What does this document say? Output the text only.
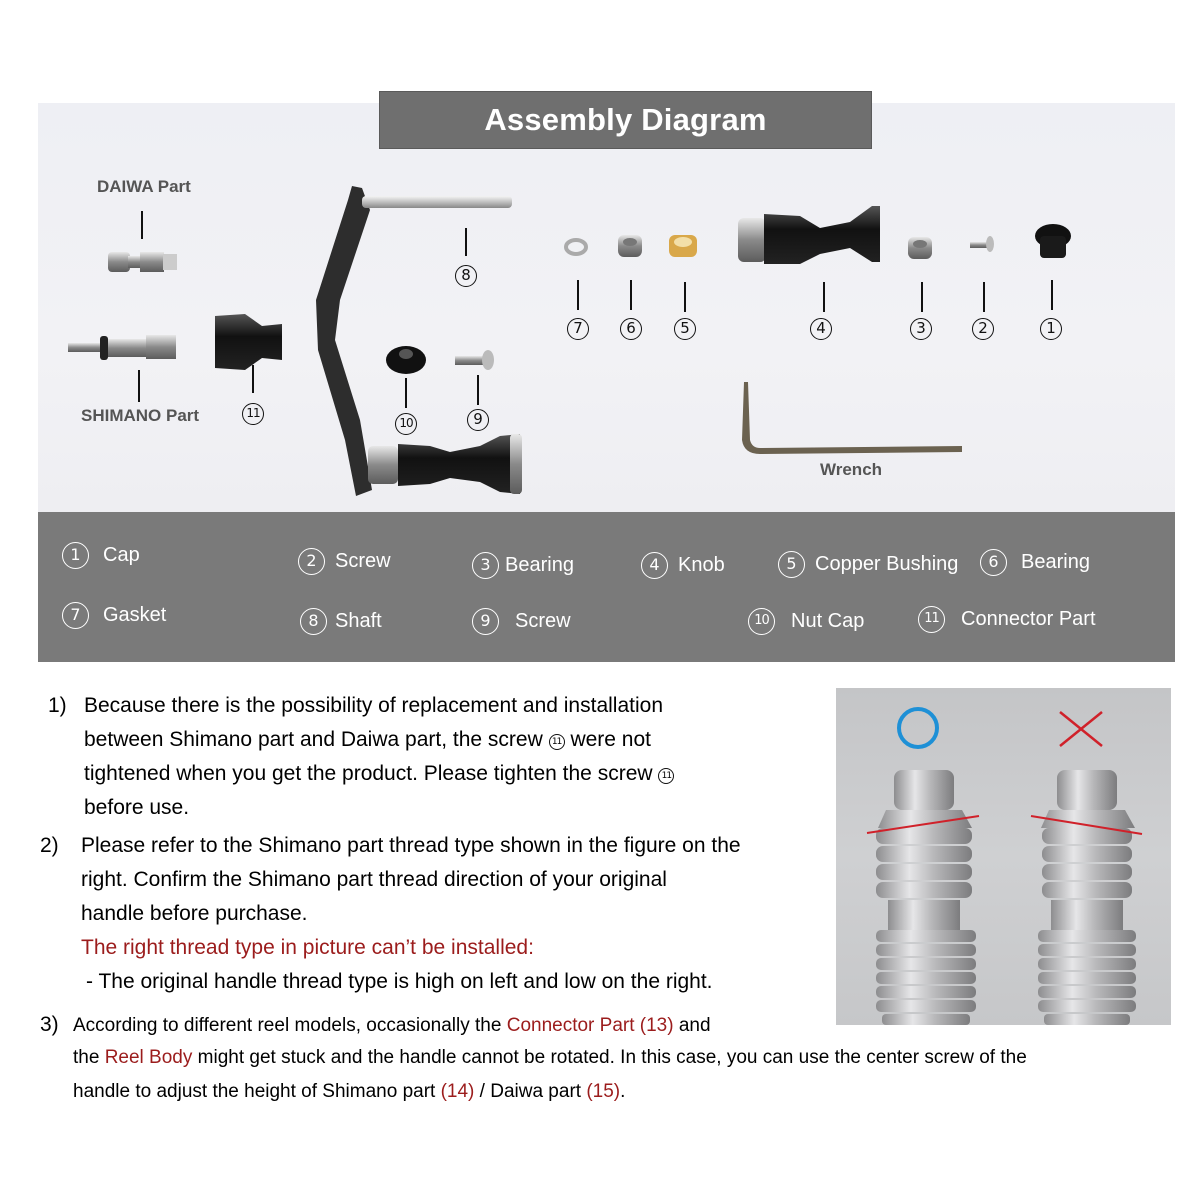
Assembly Diagram
DAIWA Part
SHIMANO Part
Wrench
11
8
10	9
7	6	5	4	3	2	1
1	Cap	2 Screw	3 Bearing	4 Knob	5 Copper Bushing	6	Bearing
7	Gasket	8 Shaft	9	Screw	10	Nut Cap	11	Connector Part
1) Because there is the possibility of replacement and installation
between Shimano part and Daiwa part, the screw 11 were not
tightened when you get the product. Please tighten the screw 11
before use.
2) Please refer to the Shimano part thread type shown in the figure on the
right. Confirm the Shimano part thread direction of your original
handle before purchase.
The right thread type in picture can’t be installed:
- The original handle thread type is high on left and low on the right.
3) According to different reel models, occasionally the Connector Part (13) and
the Reel Body might get stuck and the handle cannot be rotated. In this case, you can use the center screw of the
handle to adjust the height of Shimano part (14) / Daiwa part (15).
